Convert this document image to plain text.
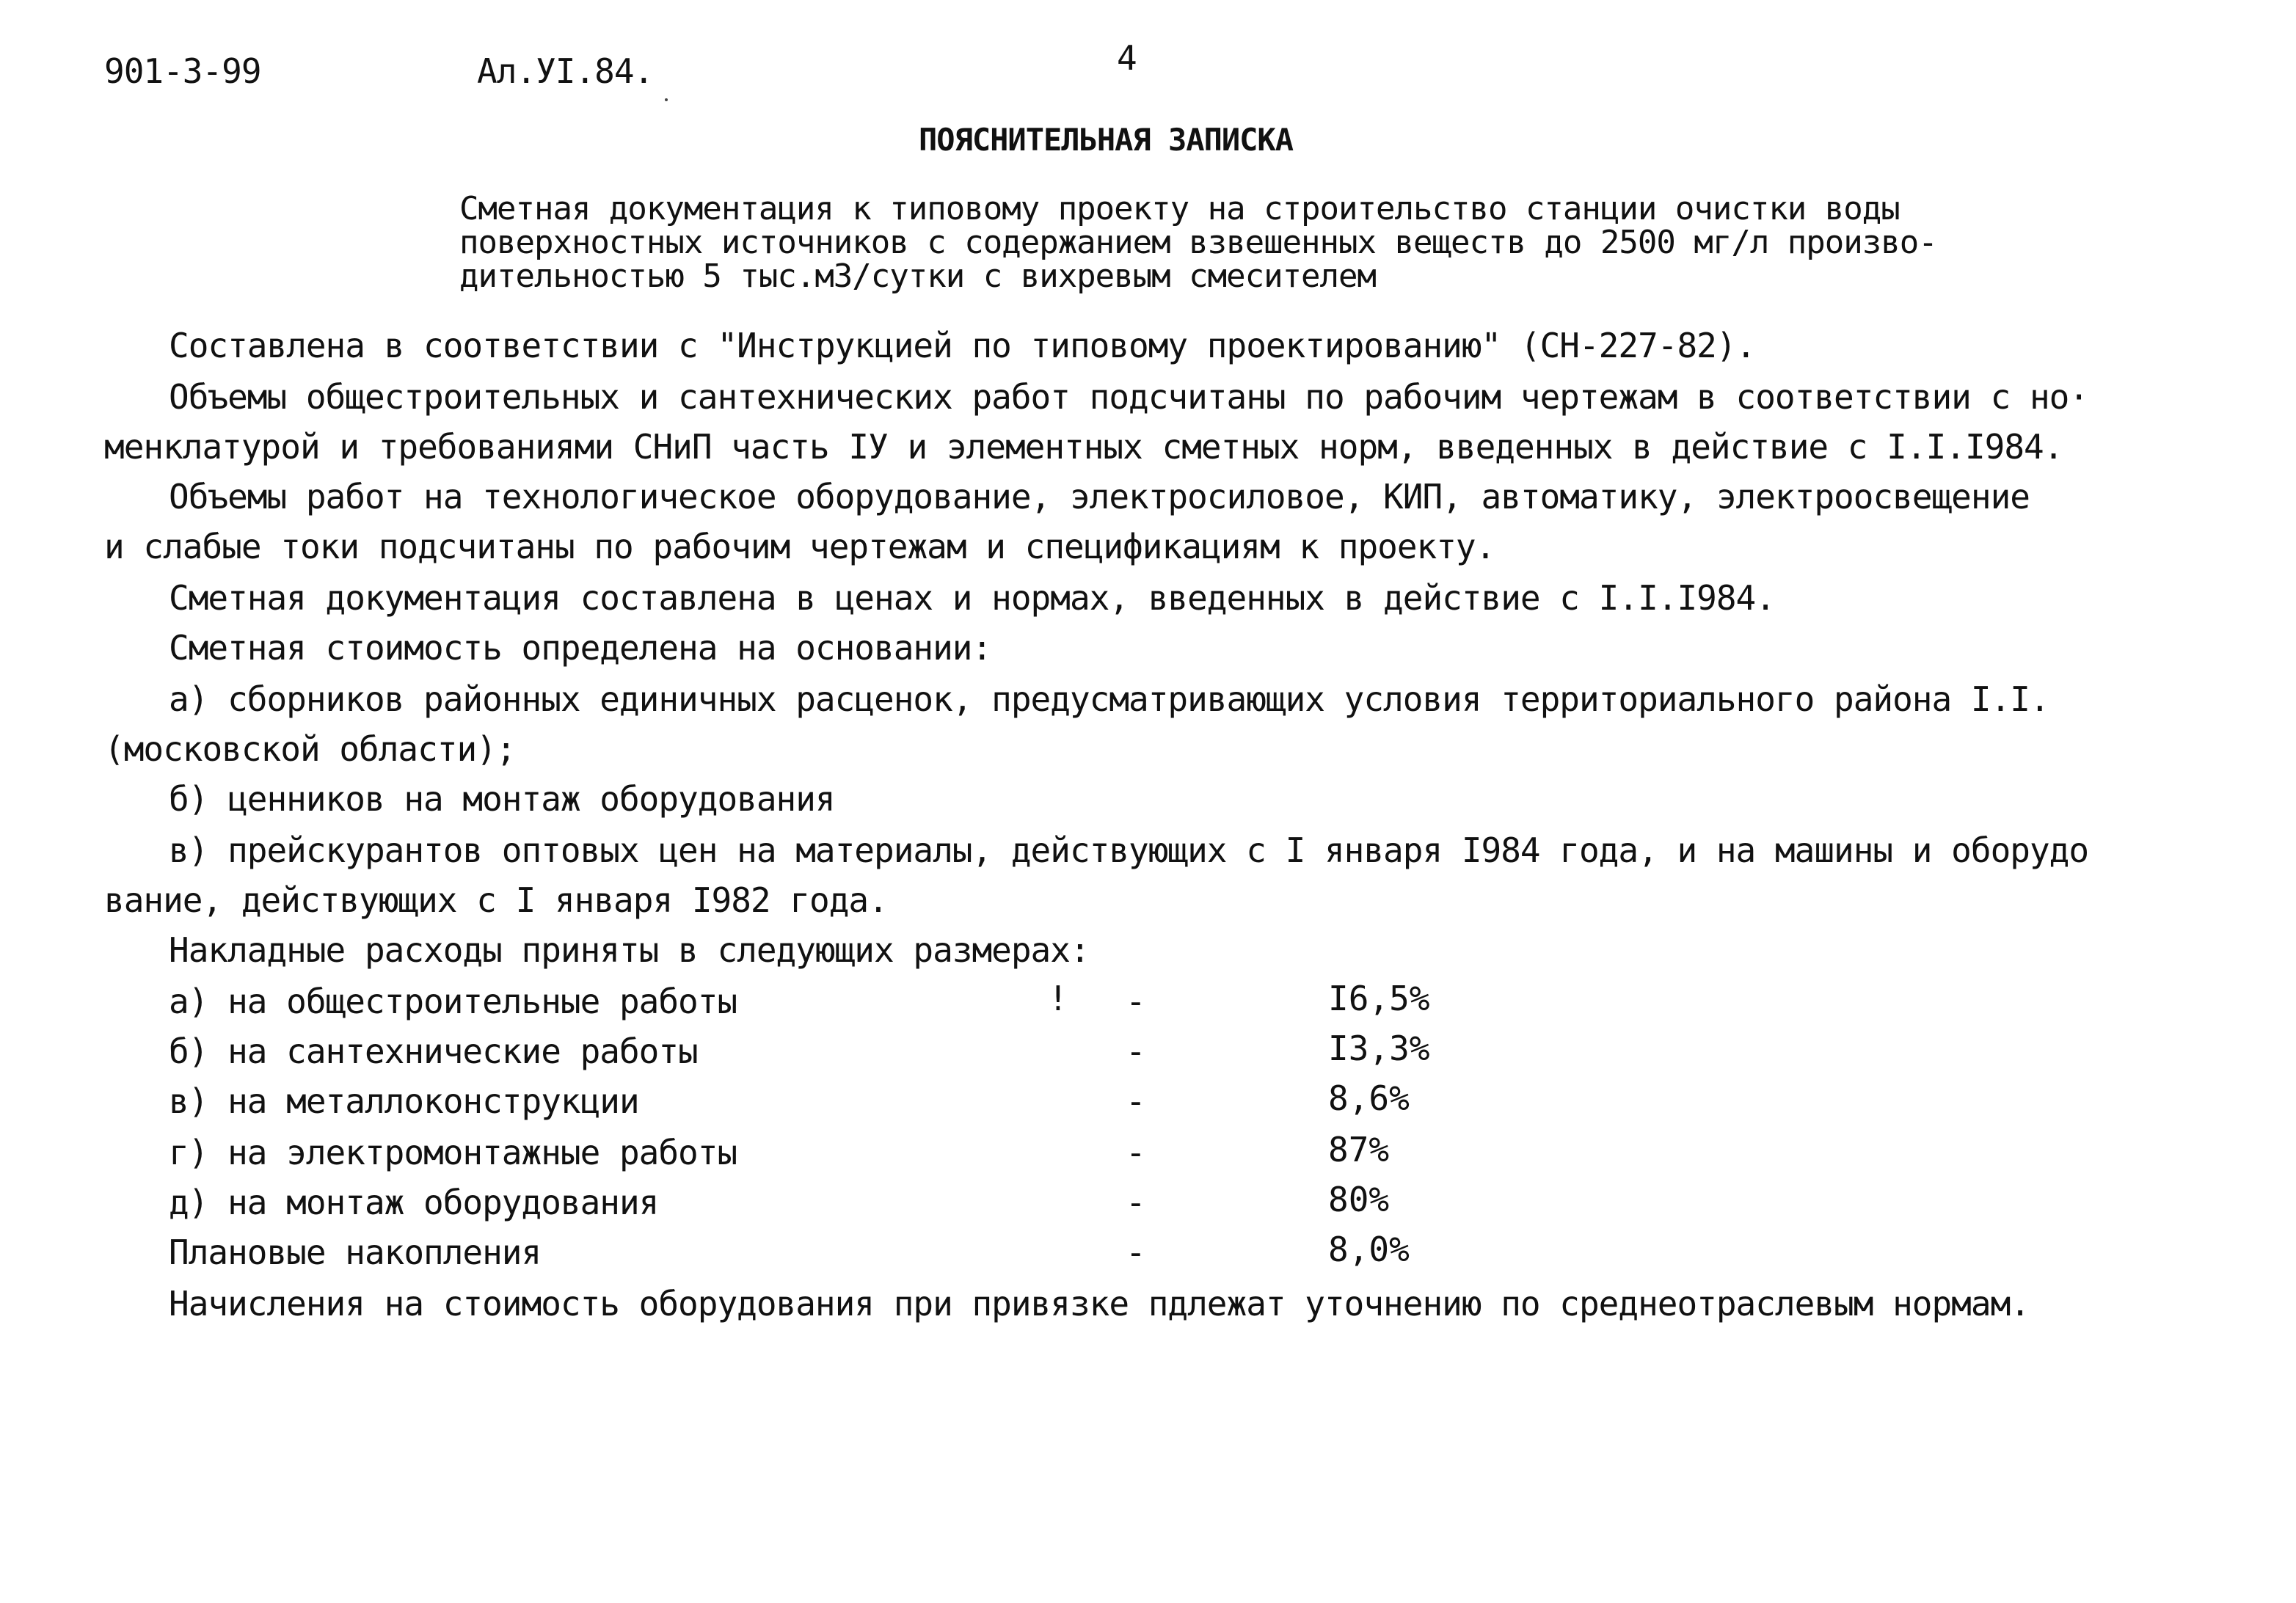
901-3-99	Ал.УI.84.	4
ПОЯСНИТЕЛЬНАЯ ЗАПИСКА
Сметная документация к типовому проекту на строительство станции очистки воды
поверхностных источников с содержанием взвешенных веществ до 2500 мг/л произво-
дительностью 5 тыс.м3/сутки с вихревым смесителем
Составлена в соответствии с "Инструкцией по типовому проектированию" (СН-227-82).
Объемы общестроительных и сантехнических работ подсчитаны по рабочим чертежам в соответствии с но·
менклатурой и требованиями СНиП часть IУ и элементных сметных норм, введенных в действие с I.I.I984.
Объемы работ на технологическое оборудование, электросиловое, КИП, автоматику, электроосвещение
и слабые токи подсчитаны по рабочим чертежам и спецификациям к проекту.
Сметная документация составлена в ценах и нормах, введенных в действие с I.I.I984.
Сметная стоимость определена на основании:
а) сборников районных единичных расценок, предусматривающих условия территориального района I.I.
(московской области);
б) ценников на монтаж оборудования
в) прейскурантов оптовых цен на материалы, действующих с I января I984 года, и на машины и оборудо
вание, действующих с I января I982 года.
Накладные расходы приняты в следующих размерах:
а) на общестроительные работы	! -	I6,5%
б) на сантехнические работы	-	I3,3%
в) на металлоконструкции	-	8,6%
г) на электромонтажные работы	-	87%
д) на монтаж оборудования	-	80%
Плановые накопления	-	8,0%
Начисления на стоимость оборудования при привязке пдлежат уточнению по среднеотраслевым нормам.
